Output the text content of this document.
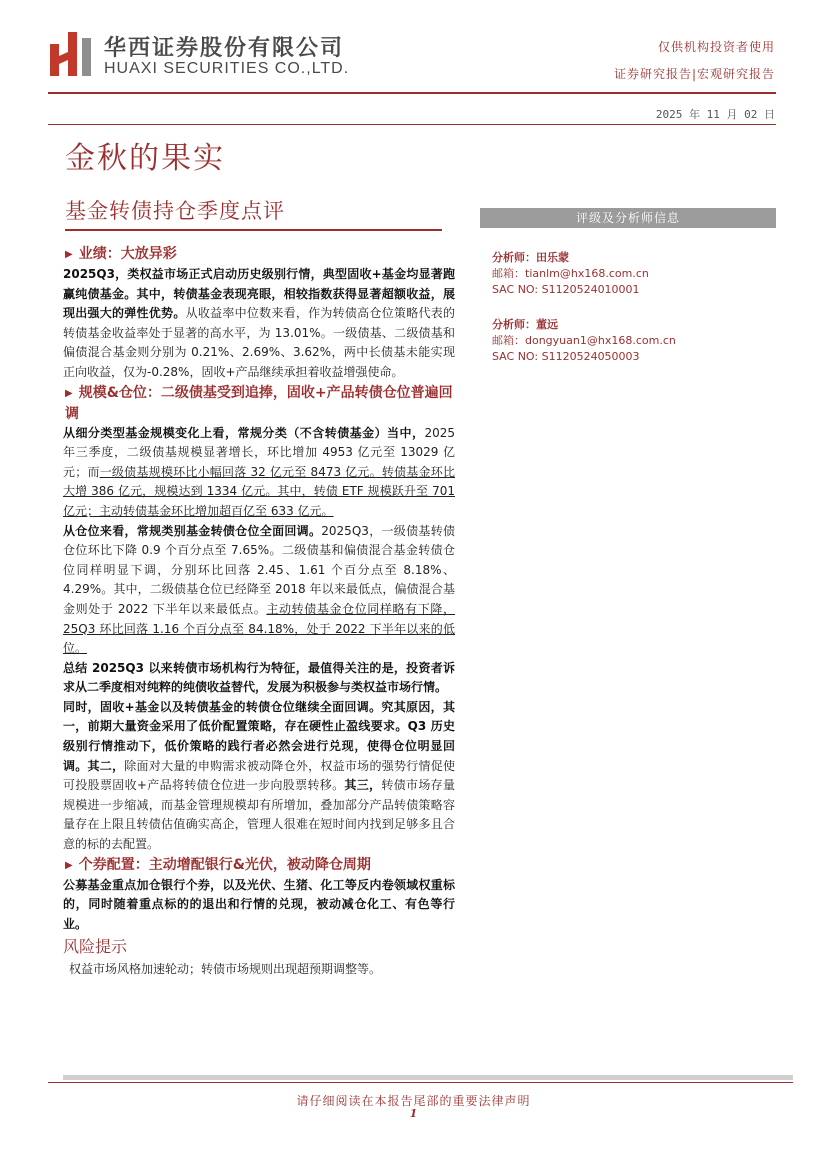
华西证券股份有限公司
HUAXI SECURITIES CO.,LTD.
仅供机构投资者使用
证券研究报告|宏观研究报告
2025 年 11 月 02 日
金秋的果实
基金转债持仓季度点评	评级及分析师信息
分析师：田乐蒙
邮箱：tianlm@hx168.com.cn
SAC NO: S1120524010001
分析师：董远
邮箱：dongyuan1@hx168.com.cn
SAC NO: S1120524050003
▶ 业绩：大放异彩

2025Q3，类权益市场正式启动历史级别行情，典型固收+基金均显著跑赢纯债基金。其中，转债基金表现亮眼，相较指数获得显著超额收益，展现出强大的弹性优势。从收益率中位数来看，作为转债高仓位策略代表的转债基金收益率处于显著的高水平，为 13.01%。一级债基、二级债基和偏债混合基金则分别为 0.21%、2.69%、3.62%，两中长债基未能实现正向收益，仅为-0.28%，固收+产品继续承担着收益增强使命。

▶ 规模&仓位：二级债基受到追捧，固收+产品转债仓位普遍回调

从细分类型基金规模变化上看，常规分类（不含转债基金）当中，2025 年三季度，二级债基规模显著增长，环比增加 4953 亿元至 13029 亿元；而一级债基规模环比小幅回落 32 亿元至 8473 亿元。转债基金环比大增 386 亿元，规模达到 1334 亿元。其中，转债 ETF 规模跃升至 701 亿元；主动转债基金环比增加超百亿至 633 亿元。

从仓位来看，常规类别基金转债仓位全面回调。2025Q3，一级债基转债仓位环比下降 0.9 个百分点至 7.65%。二级债基和偏债混合基金转债仓位同样明显下调，分别环比回落 2.45、1.61 个百分点至 8.18%、4.29%。其中，二级债基仓位已经降至 2018 年以来最低点，偏债混合基金则处于 2022 下半年以来最低点。主动转债基金仓位同样略有下降，25Q3 环比回落 1.16 个百分点至 84.18%，处于 2022 下半年以来的低位。

总结 2025Q3 以来转债市场机构行为特征，最值得关注的是，投资者诉求从二季度相对纯粹的纯债收益替代，发展为积极参与类权益市场行情。

同时，固收+基金以及转债基金的转债仓位继续全面回调。究其原因，其一，前期大量资金采用了低价配置策略，存在硬性止盈线要求。Q3 历史级别行情推动下，低价策略的践行者必然会进行兑现，使得仓位明显回调。其二，除面对大量的申购需求被动降仓外，权益市场的强势行情促使可投股票固收+产品将转债仓位进一步向股票转移。其三，转债市场存量规模进一步缩减，而基金管理规模却有所增加，叠加部分产品转债策略容量存在上限且转债估值确实高企，管理人很难在短时间内找到足够多且合意的标的去配置。

▶ 个券配置：主动增配银行&光伏，被动降仓周期

公募基金重点加仓银行个券，以及光伏、生猪、化工等反内卷领域权重标的，同时随着重点标的的退出和行情的兑现，被动减仓化工、有色等行业。

风险提示
权益市场风格加速轮动；转债市场规则出现超预期调整等。
请仔细阅读在本报告尾部的重要法律声明
1
